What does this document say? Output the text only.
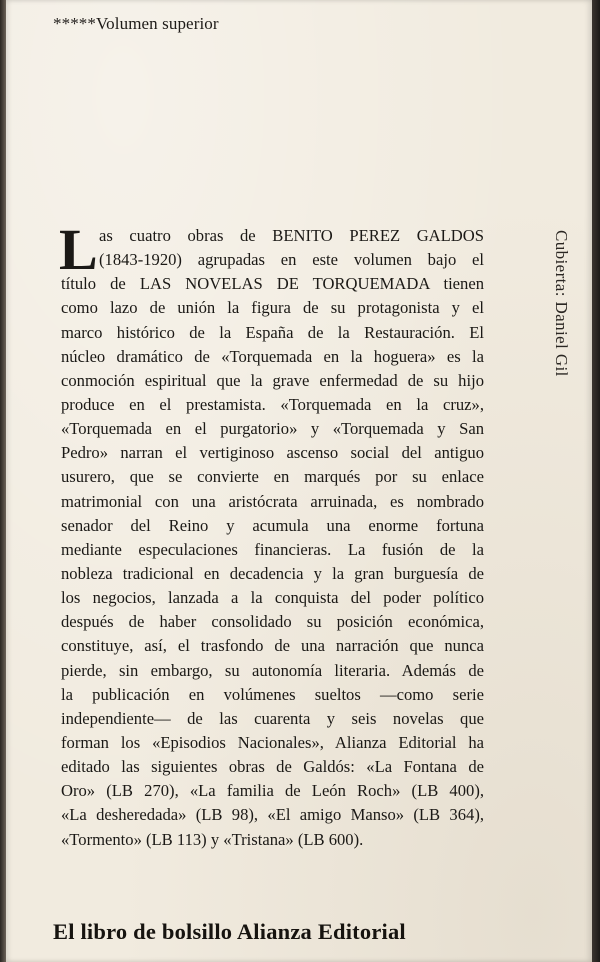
*****Volumen superior
Cubierta: Daniel Gil
L as cuatro obras de BENITO PEREZ GALDOS
(1843-1920) agrupadas en este volumen bajo el
título de LAS NOVELAS DE TORQUEMADA tienen
como lazo de unión la figura de su protagonista y el
marco histórico de la España de la Restauración. El
núcleo dramático de «Torquemada en la hoguera» es la
conmoción espiritual que la grave enfermedad de su hijo
produce en el prestamista. «Torquemada en la cruz»,
«Torquemada en el purgatorio» y «Torquemada y San
Pedro» narran el vertiginoso ascenso social del antiguo
usurero, que se convierte en marqués por su enlace
matrimonial con una aristócrata arruinada, es nombrado
senador del Reino y acumula una enorme fortuna
mediante especulaciones financieras. La fusión de la
nobleza tradicional en decadencia y la gran burguesía de
los negocios, lanzada a la conquista del poder político
después de haber consolidado su posición económica,
constituye, así, el trasfondo de una narración que nunca
pierde, sin embargo, su autonomía literaria. Además de
la publicación en volúmenes sueltos —como serie
independiente— de las cuarenta y seis novelas que
forman los «Episodios Nacionales», Alianza Editorial ha
editado las siguientes obras de Galdós: «La Fontana de
Oro» (LB 270), «La familia de León Roch» (LB 400),
«La desheredada» (LB 98), «El amigo Manso» (LB 364),
«Tormento» (LB 113) y «Tristana» (LB 600).
El libro de bolsillo Alianza Editorial
